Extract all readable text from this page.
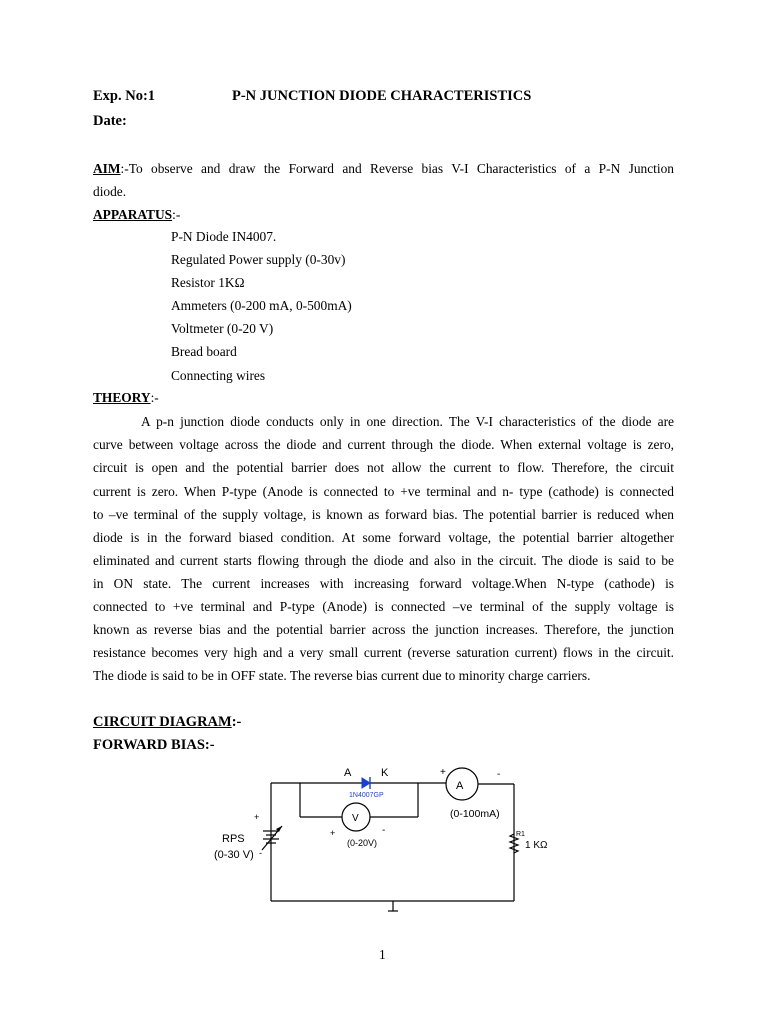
Exp. No:1	P-N JUNCTION DIODE CHARACTERISTICS
Date:
AIM:-To observe and draw the Forward and Reverse bias V-I Characteristics of a P-N Junction
diode.
APPARATUS:-
P-N Diode IN4007.
Regulated Power supply (0-30v)
Resistor 1KΩ
Ammeters (0-200 mA, 0-500mA)
Voltmeter (0-20 V)
Bread board
Connecting wires
THEORY:-
A p-n junction diode conducts only in one direction. The V-I characteristics of the diode are
curve between voltage across the diode and current through the diode. When external voltage is zero,
circuit is open and the potential barrier does not allow the current to flow. Therefore, the circuit
current is zero. When P-type (Anode is connected to +ve terminal and n- type (cathode) is connected
to –ve terminal of the supply voltage, is known as forward bias. The potential barrier is reduced when
diode is in the forward biased condition. At some forward voltage, the potential barrier altogether
eliminated and current starts flowing through the diode and also in the circuit. The diode is said to be
in ON state. The current increases with increasing forward voltage.When N-type (cathode) is
connected to +ve terminal and P-type (Anode) is connected –ve terminal of the supply voltage is
known as reverse bias and the potential barrier across the junction increases. Therefore, the junction
resistance becomes very high and a very small current (reverse saturation current) flows in the circuit.
The diode is said to be in OFF state. The reverse bias current due to minority charge carriers.
CIRCUIT DIAGRAM:-
FORWARD BIAS:-
A	K
1N4007GP
A
+	-
(0-100mA)
V
+	-
(0-20V)
+
RPS
(0-30 V) -
R1
1 KΩ
1
